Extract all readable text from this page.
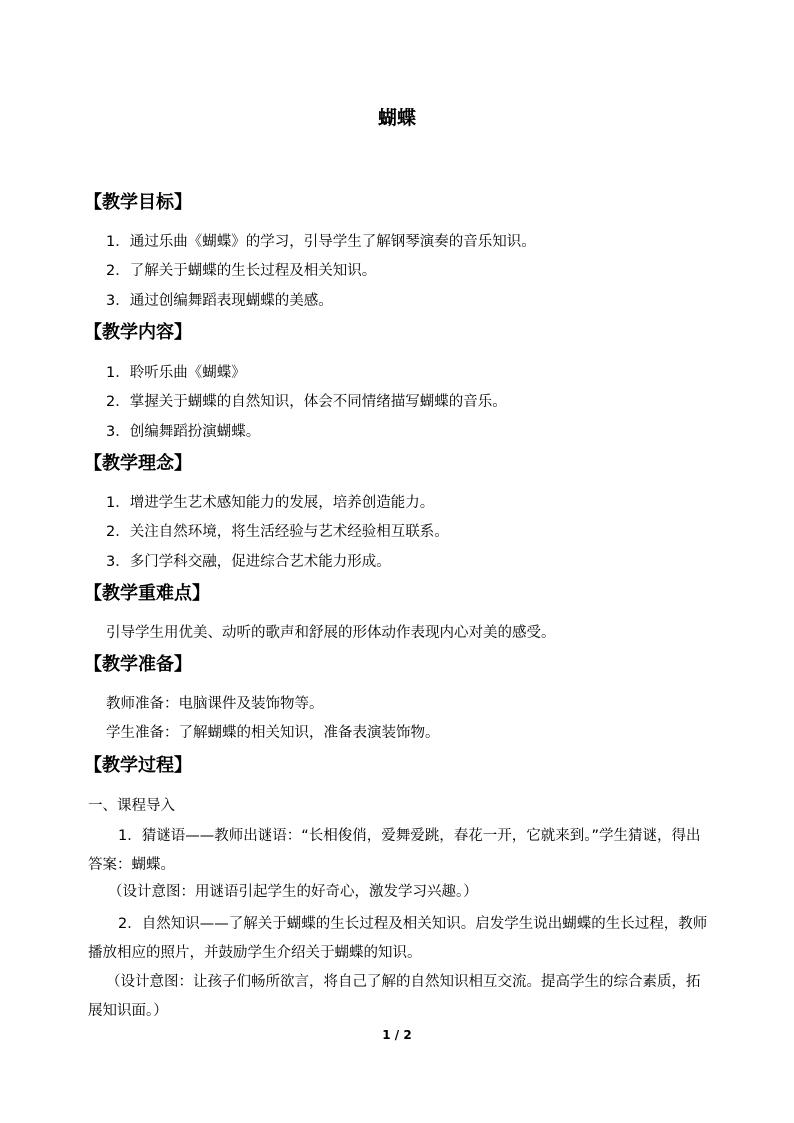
蝴蝶
【教学目标】
1．通过乐曲《蝴蝶》的学习，引导学生了解钢琴演奏的音乐知识。
2．了解关于蝴蝶的生长过程及相关知识。
3．通过创编舞蹈表现蝴蝶的美感。
【教学内容】
1．聆听乐曲《蝴蝶》
2．掌握关于蝴蝶的自然知识，体会不同情绪描写蝴蝶的音乐。
3．创编舞蹈扮演蝴蝶。
【教学理念】
1．增进学生艺术感知能力的发展，培养创造能力。
2．关注自然环境，将生活经验与艺术经验相互联系。
3．多门学科交融，促进综合艺术能力形成。
【教学重难点】
引导学生用优美、动听的歌声和舒展的形体动作表现内心对美的感受。
【教学准备】
教师准备：电脑课件及装饰物等。
学生准备：了解蝴蝶的相关知识，准备表演装饰物。
【教学过程】
一、课程导入
1．猜谜语——教师出谜语：“长相俊俏，爱舞爱跳，春花一开，它就来到。”学生猜谜，得出答案：蝴蝶。
（设计意图：用谜语引起学生的好奇心，激发学习兴趣。）
2．自然知识——了解关于蝴蝶的生长过程及相关知识。启发学生说出蝴蝶的生长过程，教师播放相应的照片，并鼓励学生介绍关于蝴蝶的知识。
（设计意图：让孩子们畅所欲言，将自己了解的自然知识相互交流。提高学生的综合素质，拓展知识面。）
1 / 2
